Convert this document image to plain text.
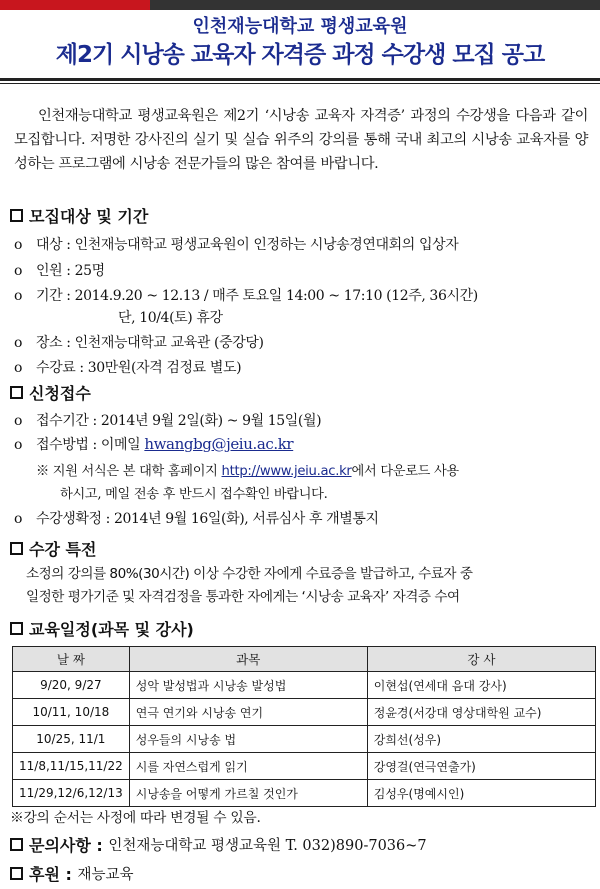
인천재능대학교 평생교육원
제2기 시낭송 교육자 자격증 과정 수강생 모집 공고
인천재능대학교 평생교육원은 제2기 ‘시낭송 교육자 자격증’ 과정의 수강생을 다음과 같이 모집합니다. 저명한 강사진의 실기 및 실습 위주의 강의를 통해 국내 최고의 시낭송 교육자를 양성하는 프로그램에 시낭송 전문가들의 많은 참여를 바랍니다.
모집대상 및 기간
o 대상 : 인천재능대학교 평생교육원이 인정하는 시낭송경연대회의 입상자
o 인원 : 25명
o 기간 : 2014.9.20 ~ 12.13 / 매주 토요일 14:00 ~ 17:10 (12주, 36시간)
단, 10/4(토) 휴강
o 장소 : 인천재능대학교 교육관 (중강당)
o 수강료 : 30만원(자격 검정료 별도)
신청접수
o 접수기간 : 2014년 9월 2일(화) ~ 9월 15일(월)
o 접수방법 : 이메일 hwangbg@jeiu.ac.kr
※ 지원 서식은 본 대학 홈페이지 http://www.jeiu.ac.kr에서 다운로드 사용
하시고, 메일 전송 후 반드시 접수확인 바랍니다.
o 수강생확정 : 2014년 9월 16일(화), 서류심사 후 개별통지
수강 특전
소정의 강의를 80%(30시간) 이상 수강한 자에게 수료증을 발급하고, 수료자 중
일정한 평가기준 및 자격검정을 통과한 자에게는 ‘시낭송 교육자’ 자격증 수여
교육일정(과목 및 강사)
날 짜	과목	강 사
9/20, 9/27	성악 발성법과 시낭송 발성법	이현섭(연세대 음대 강사)
10/11, 10/18	연극 연기와 시낭송 연기	정윤경(서강대 영상대학원 교수)
10/25, 11/1	성우들의 시낭송 법	강희선(성우)
11/8,11/15,11/22	시를 자연스럽게 읽기	강영걸(연극연출가)
11/29,12/6,12/13	시낭송을 어떻게 가르칠 것인가	김성우(명예시인)
※강의 순서는 사정에 따라 변경될 수 있음.
문의사항 :
인천재능대학교 평생교육원 T. 032)890-7036~7
후원 :
재능교육
